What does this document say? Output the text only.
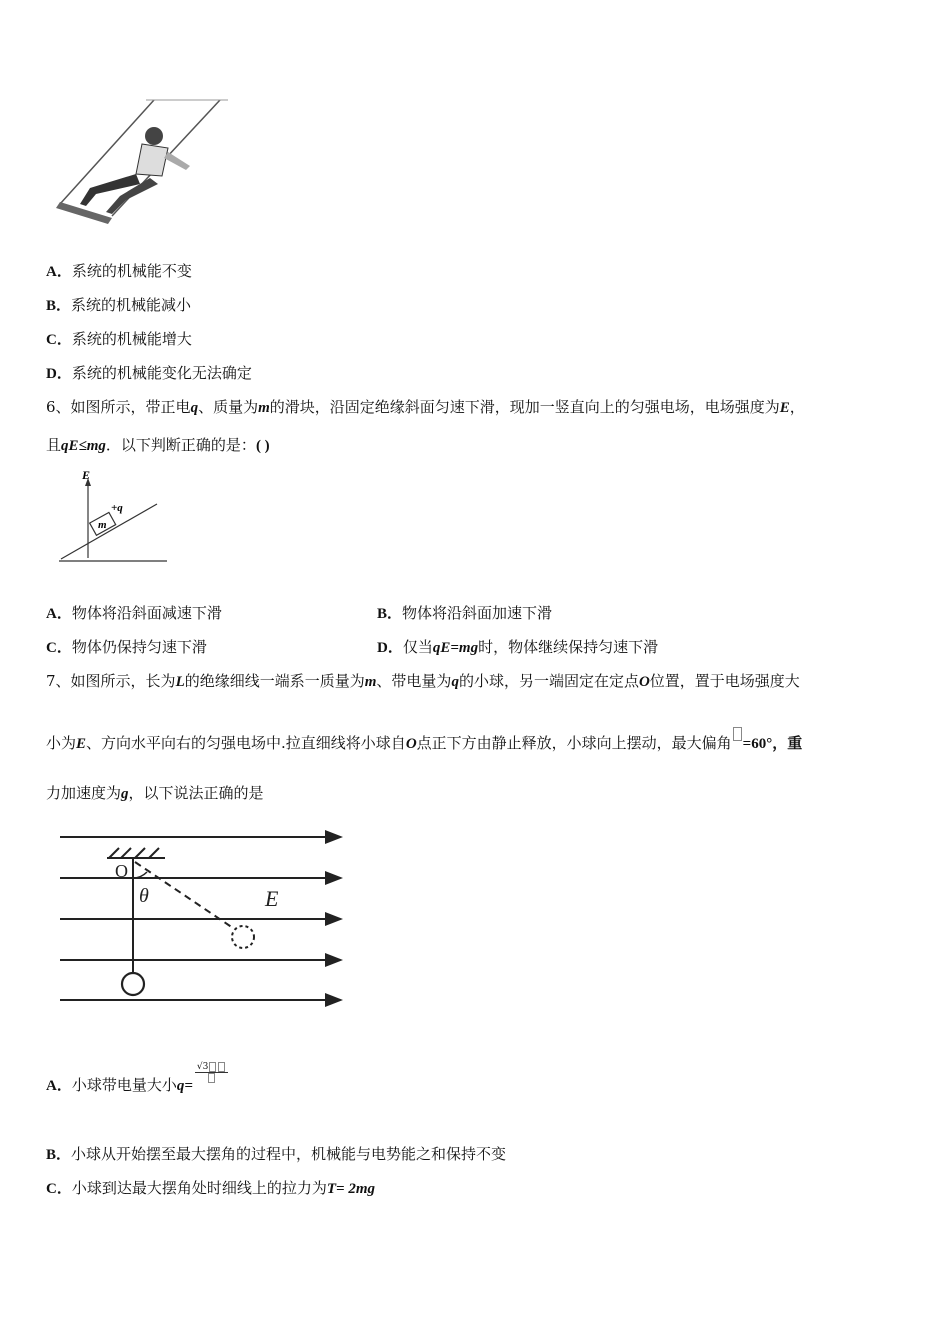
A．系统的机械能不变
B．系统的机械能减小
C．系统的机械能增大
D．系统的机械能变化无法确定
6、如图所示，带正电q、质量为m的滑块，沿固定绝缘斜面匀速下滑，现加一竖直向上的匀强电场，电场强度为E，
且qE≤mg．以下判断正确的是：( )
E
m
+q
A．物体将沿斜面减速下滑	B．物体将沿斜面加速下滑
C．物体仍保持匀速下滑	D．仅当qE=mg时，物体继续保持匀速下滑
7、如图所示，长为L的绝缘细线一端系一质量为m、带电量为q的小球，另一端固定在定点O位置，置于电场强度大
小为E、方向水平向右的匀强电场中.拉直细线将小球自O点正下方由静止释放，小球向上摆动，最大偏角 =60°，重
力加速度为g，以下说法正确的是
O
θ	E
A．小球带电量大小q=
√3
B．小球从开始摆至最大摆角的过程中，机械能与电势能之和保持不变
C．小球到达最大摆角处时细线上的拉力为T= 2mg
